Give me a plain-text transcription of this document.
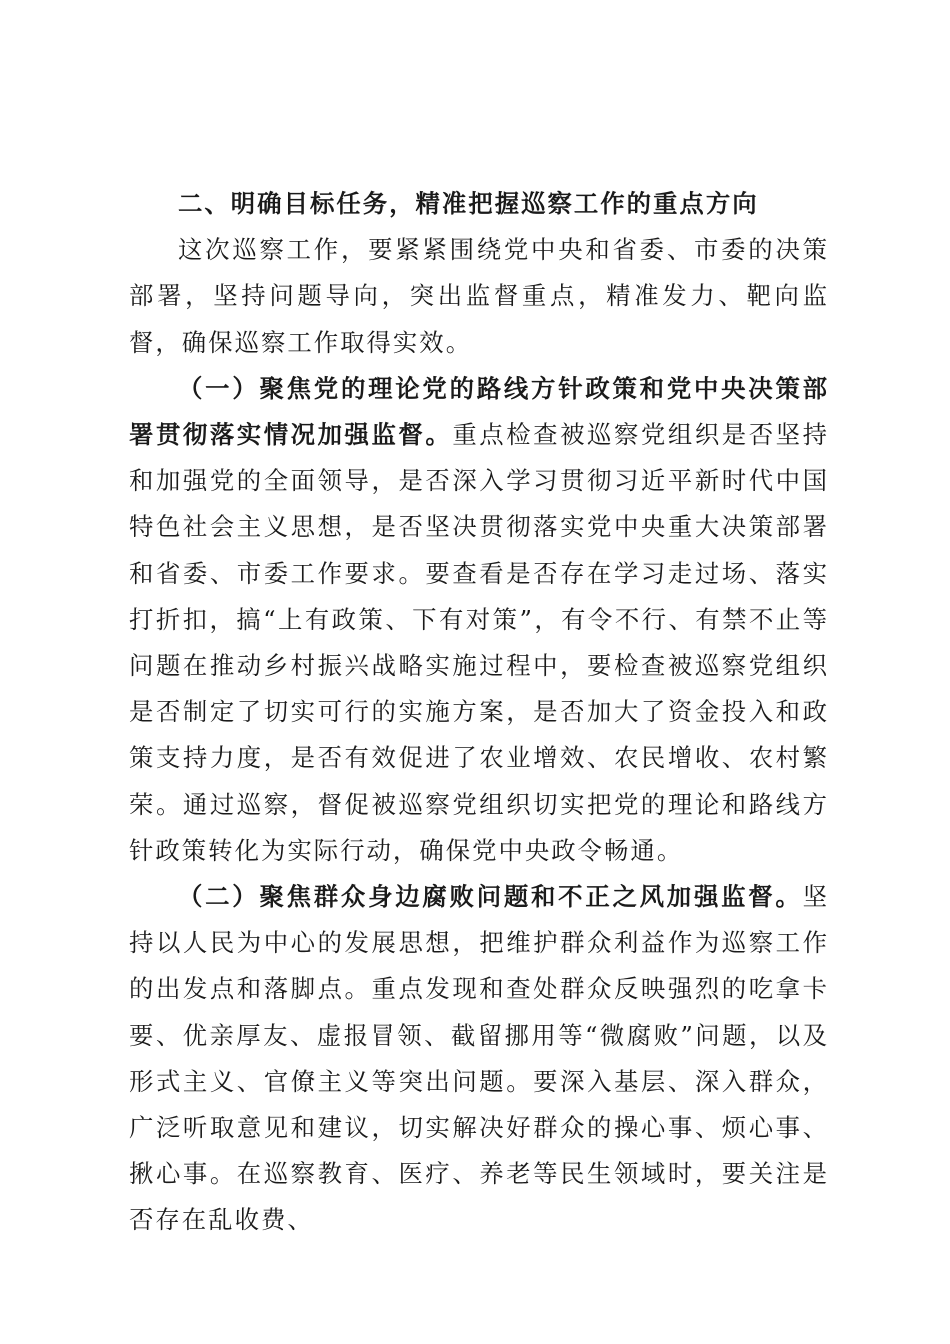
二、明确目标任务，精准把握巡察工作的重点方向

这次巡察工作，要紧紧围绕党中央和省委、市委的决策部署，坚持问题导向，突出监督重点，精准发力、靶向监督，确保巡察工作取得实效。

（一）聚焦党的理论党的路线方针政策和党中央决策部署贯彻落实情况加强监督。重点检查被巡察党组织是否坚持和加强党的全面领导，是否深入学习贯彻习近平新时代中国特色社会主义思想，是否坚决贯彻落实党中央重大决策部署和省委、市委工作要求。要查看是否存在学习走过场、落实打折扣，搞“上有政策、下有对策”，有令不行、有禁不止等问题在推动乡村振兴战略实施过程中，要检查被巡察党组织是否制定了切实可行的实施方案，是否加大了资金投入和政策支持力度，是否有效促进了农业增效、农民增收、农村繁荣。通过巡察，督促被巡察党组织切实把党的理论和路线方针政策转化为实际行动，确保党中央政令畅通。

（二）聚焦群众身边腐败问题和不正之风加强监督。坚持以人民为中心的发展思想，把维护群众利益作为巡察工作的出发点和落脚点。重点发现和查处群众反映强烈的吃拿卡要、优亲厚友、虚报冒领、截留挪用等“微腐败”问题，以及形式主义、官僚主义等突出问题。要深入基层、深入群众，广泛听取意见和建议，切实解决好群众的操心事、烦心事、揪心事。在巡察教育、医疗、养老等民生领域时，要关注是否存在乱收费、
